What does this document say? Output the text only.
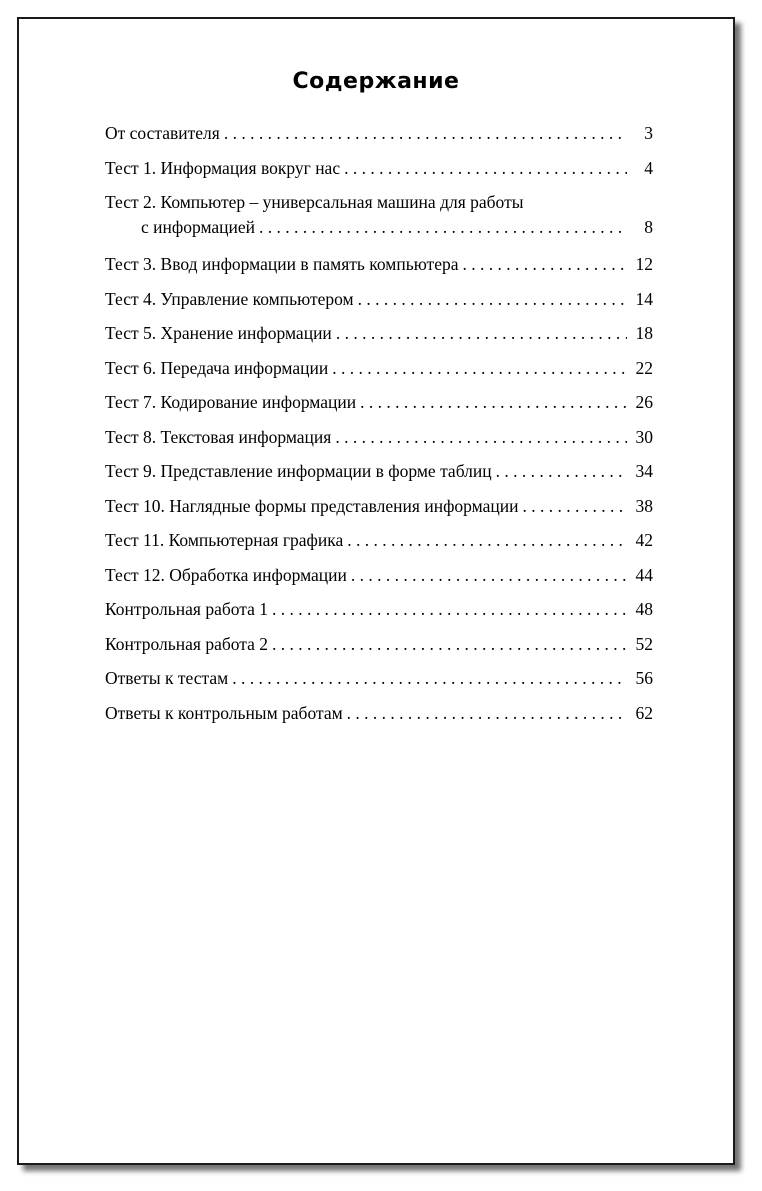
Содержание
От составителя . . .	3
Тест 1. Информация вокруг нас . . .	4
Тест 2. Компьютер – универсальная машина для работы
с информацией . . .	8
Тест 3. Ввод информации в память компьютера . . .	12
Тест 4. Управление компьютером . . .	14
Тест 5. Хранение информации . . .	18
Тест 6. Передача информации . . .	22
Тест 7. Кодирование информации . . .	26
Тест 8. Текстовая информация . . .	30
Тест 9. Представление информации в форме таблиц . . .	34
Тест 10. Наглядные формы представления информации . . .	38
Тест 11. Компьютерная графика . . .	42
Тест 12. Обработка информации . . .	44
Контрольная работа 1 . . .	48
Контрольная работа 2 . . .	52
Ответы к тестам . . .	56
Ответы к контрольным работам . . .	62
